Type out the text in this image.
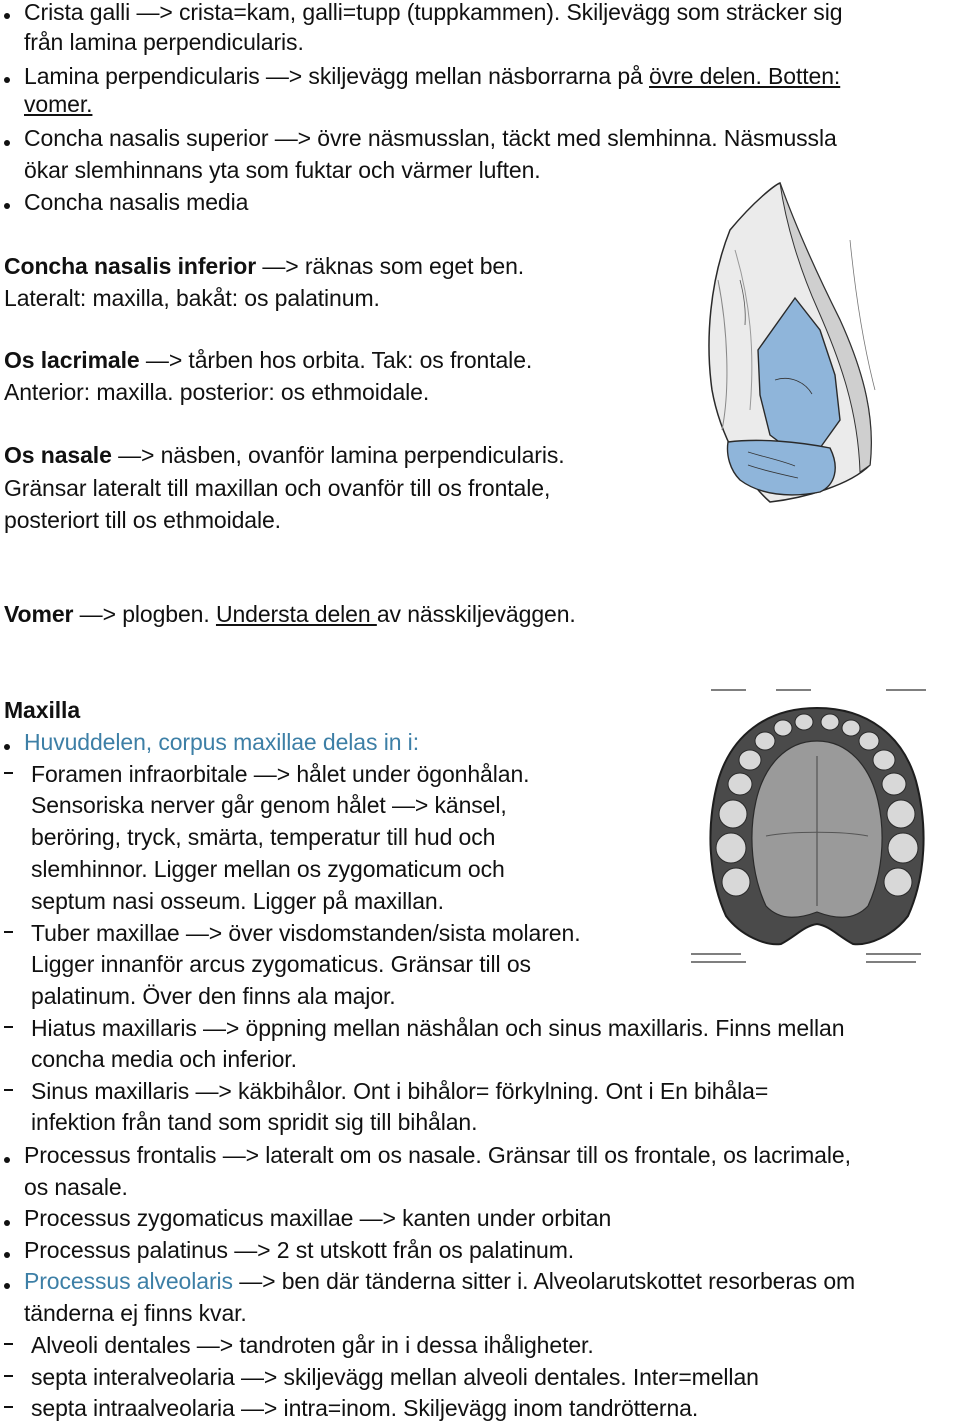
Crista galli —> crista=kam, galli=tupp (tuppkammen). Skiljevägg som sträcker sig
från lamina perpendicularis.
Lamina perpendicularis —> skiljevägg mellan näsborrarna på övre delen. Botten:
vomer.
Concha nasalis superior —> övre näsmusslan, täckt med slemhinna. Näsmussla
ökar slemhinnans yta som fuktar och värmer luften.
Concha nasalis media
Concha nasalis inferior —> räknas som eget ben.
Lateralt: maxilla, bakåt: os palatinum.
Os lacrimale —> tårben hos orbita. Tak: os frontale.
Anterior: maxilla. posterior: os ethmoidale.
Os nasale —> näsben, ovanför lamina perpendicularis.
Gränsar lateralt till maxillan och ovanför till os frontale,
posteriort till os ethmoidale.
Vomer —> plogben. Understa delen av nässkiljeväggen.
Maxilla
Huvuddelen, corpus maxillae delas in i:
Foramen infraorbitale —> hålet under ögonhålan.
Sensoriska nerver går genom hålet —> känsel,
beröring, tryck, smärta, temperatur till hud och
slemhinnor. Ligger mellan os zygomaticum och
septum nasi osseum. Ligger på maxillan.
Tuber maxillae —> över visdomstanden/sista molaren.
Ligger innanför arcus zygomaticus. Gränsar till os
palatinum. Över den finns ala major.
Hiatus maxillaris —> öppning mellan näshålan och sinus maxillaris. Finns mellan
concha media och inferior.
Sinus maxillaris —> käkbihålor. Ont i bihålor= förkylning. Ont i En bihåla=
infektion från tand som spridit sig till bihålan.
Processus frontalis —> lateralt om os nasale. Gränsar till os frontale, os lacrimale,
os nasale.
Processus zygomaticus maxillae —> kanten under orbitan
Processus palatinus —> 2 st utskott från os palatinum.
Processus alveolaris —> ben där tänderna sitter i. Alveolarutskottet resorberas om
tänderna ej finns kvar.
Alveoli dentales —> tandroten går in i dessa ihåligheter.
septa interalveolaria —> skiljevägg mellan alveoli dentales. Inter=mellan
septa intraalveolaria —> intra=inom. Skiljevägg inom tandrötterna.
